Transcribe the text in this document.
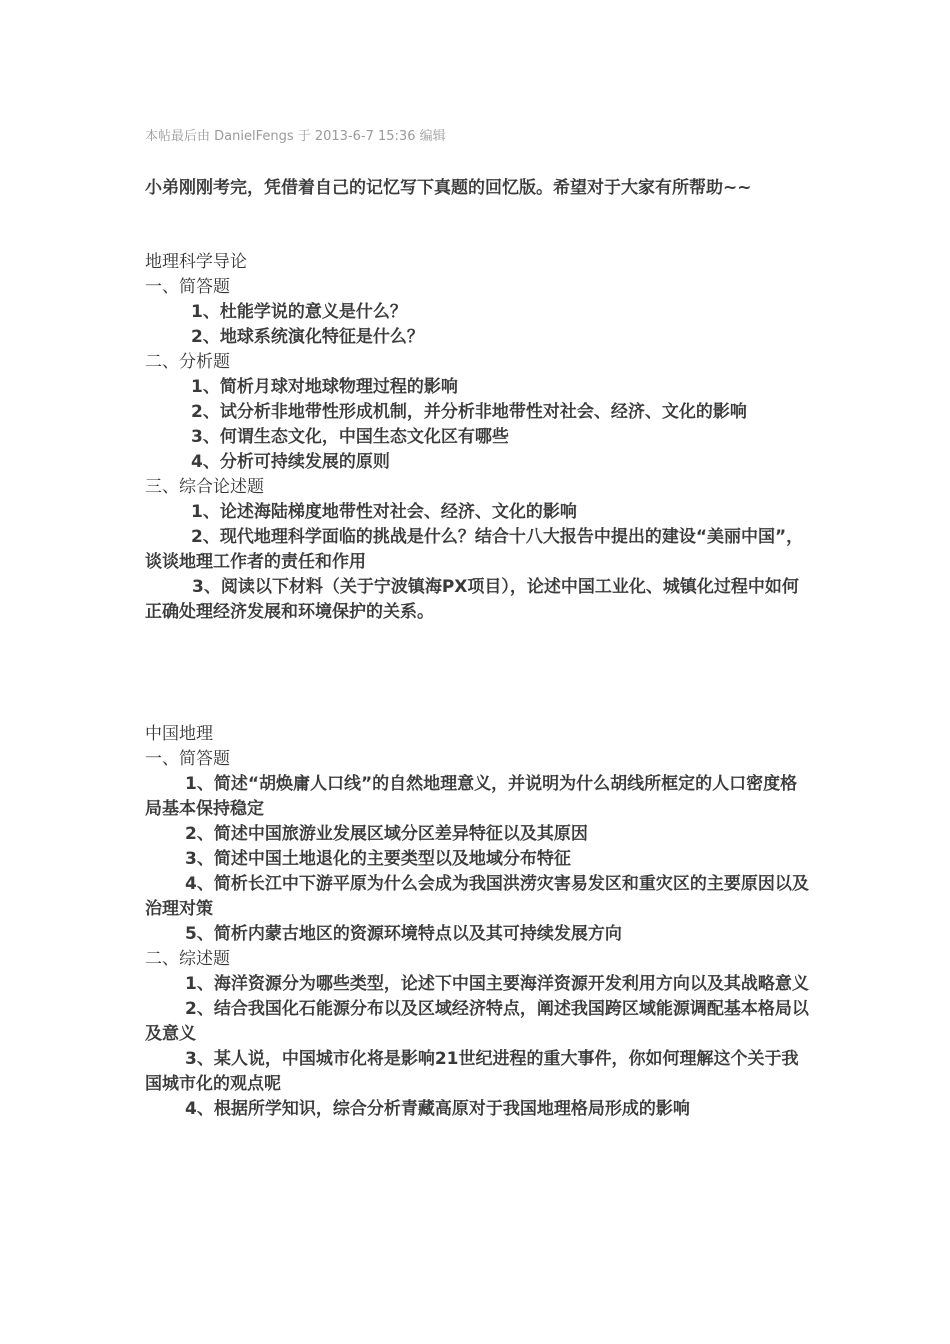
本帖最后由 DanielFengs 于 2013-6-7 15:36 编辑
小弟刚刚考完，凭借着自己的记忆写下真题的回忆版。希望对于大家有所帮助~~
地理科学导论
一、简答题
1、杜能学说的意义是什么？
2、地球系统演化特征是什么？
二、分析题
1、简析月球对地球物理过程的影响
2、试分析非地带性形成机制，并分析非地带性对社会、经济、文化的影响
3、何谓生态文化，中国生态文化区有哪些
4、分析可持续发展的原则
三、综合论述题
1、论述海陆梯度地带性对社会、经济、文化的影响
2、现代地理科学面临的挑战是什么？结合十八大报告中提出的建设“美丽中国”，谈谈地理工作者的责任和作用
3、阅读以下材料（关于宁波镇海PX项目），论述中国工业化、城镇化过程中如何正确处理经济发展和环境保护的关系。
中国地理
一、简答题
1、简述“胡焕庸人口线”的自然地理意义，并说明为什么胡线所框定的人口密度格局基本保持稳定
2、简述中国旅游业发展区域分区差异特征以及其原因
3、简述中国土地退化的主要类型以及地域分布特征
4、简析长江中下游平原为什么会成为我国洪涝灾害易发区和重灾区的主要原因以及治理对策
5、简析内蒙古地区的资源环境特点以及其可持续发展方向
二、综述题
1、海洋资源分为哪些类型，论述下中国主要海洋资源开发利用方向以及其战略意义
2、结合我国化石能源分布以及区域经济特点，阐述我国跨区域能源调配基本格局以及意义
3、某人说，中国城市化将是影响21世纪进程的重大事件，你如何理解这个关于我国城市化的观点呢
4、根据所学知识，综合分析青藏高原对于我国地理格局形成的影响
